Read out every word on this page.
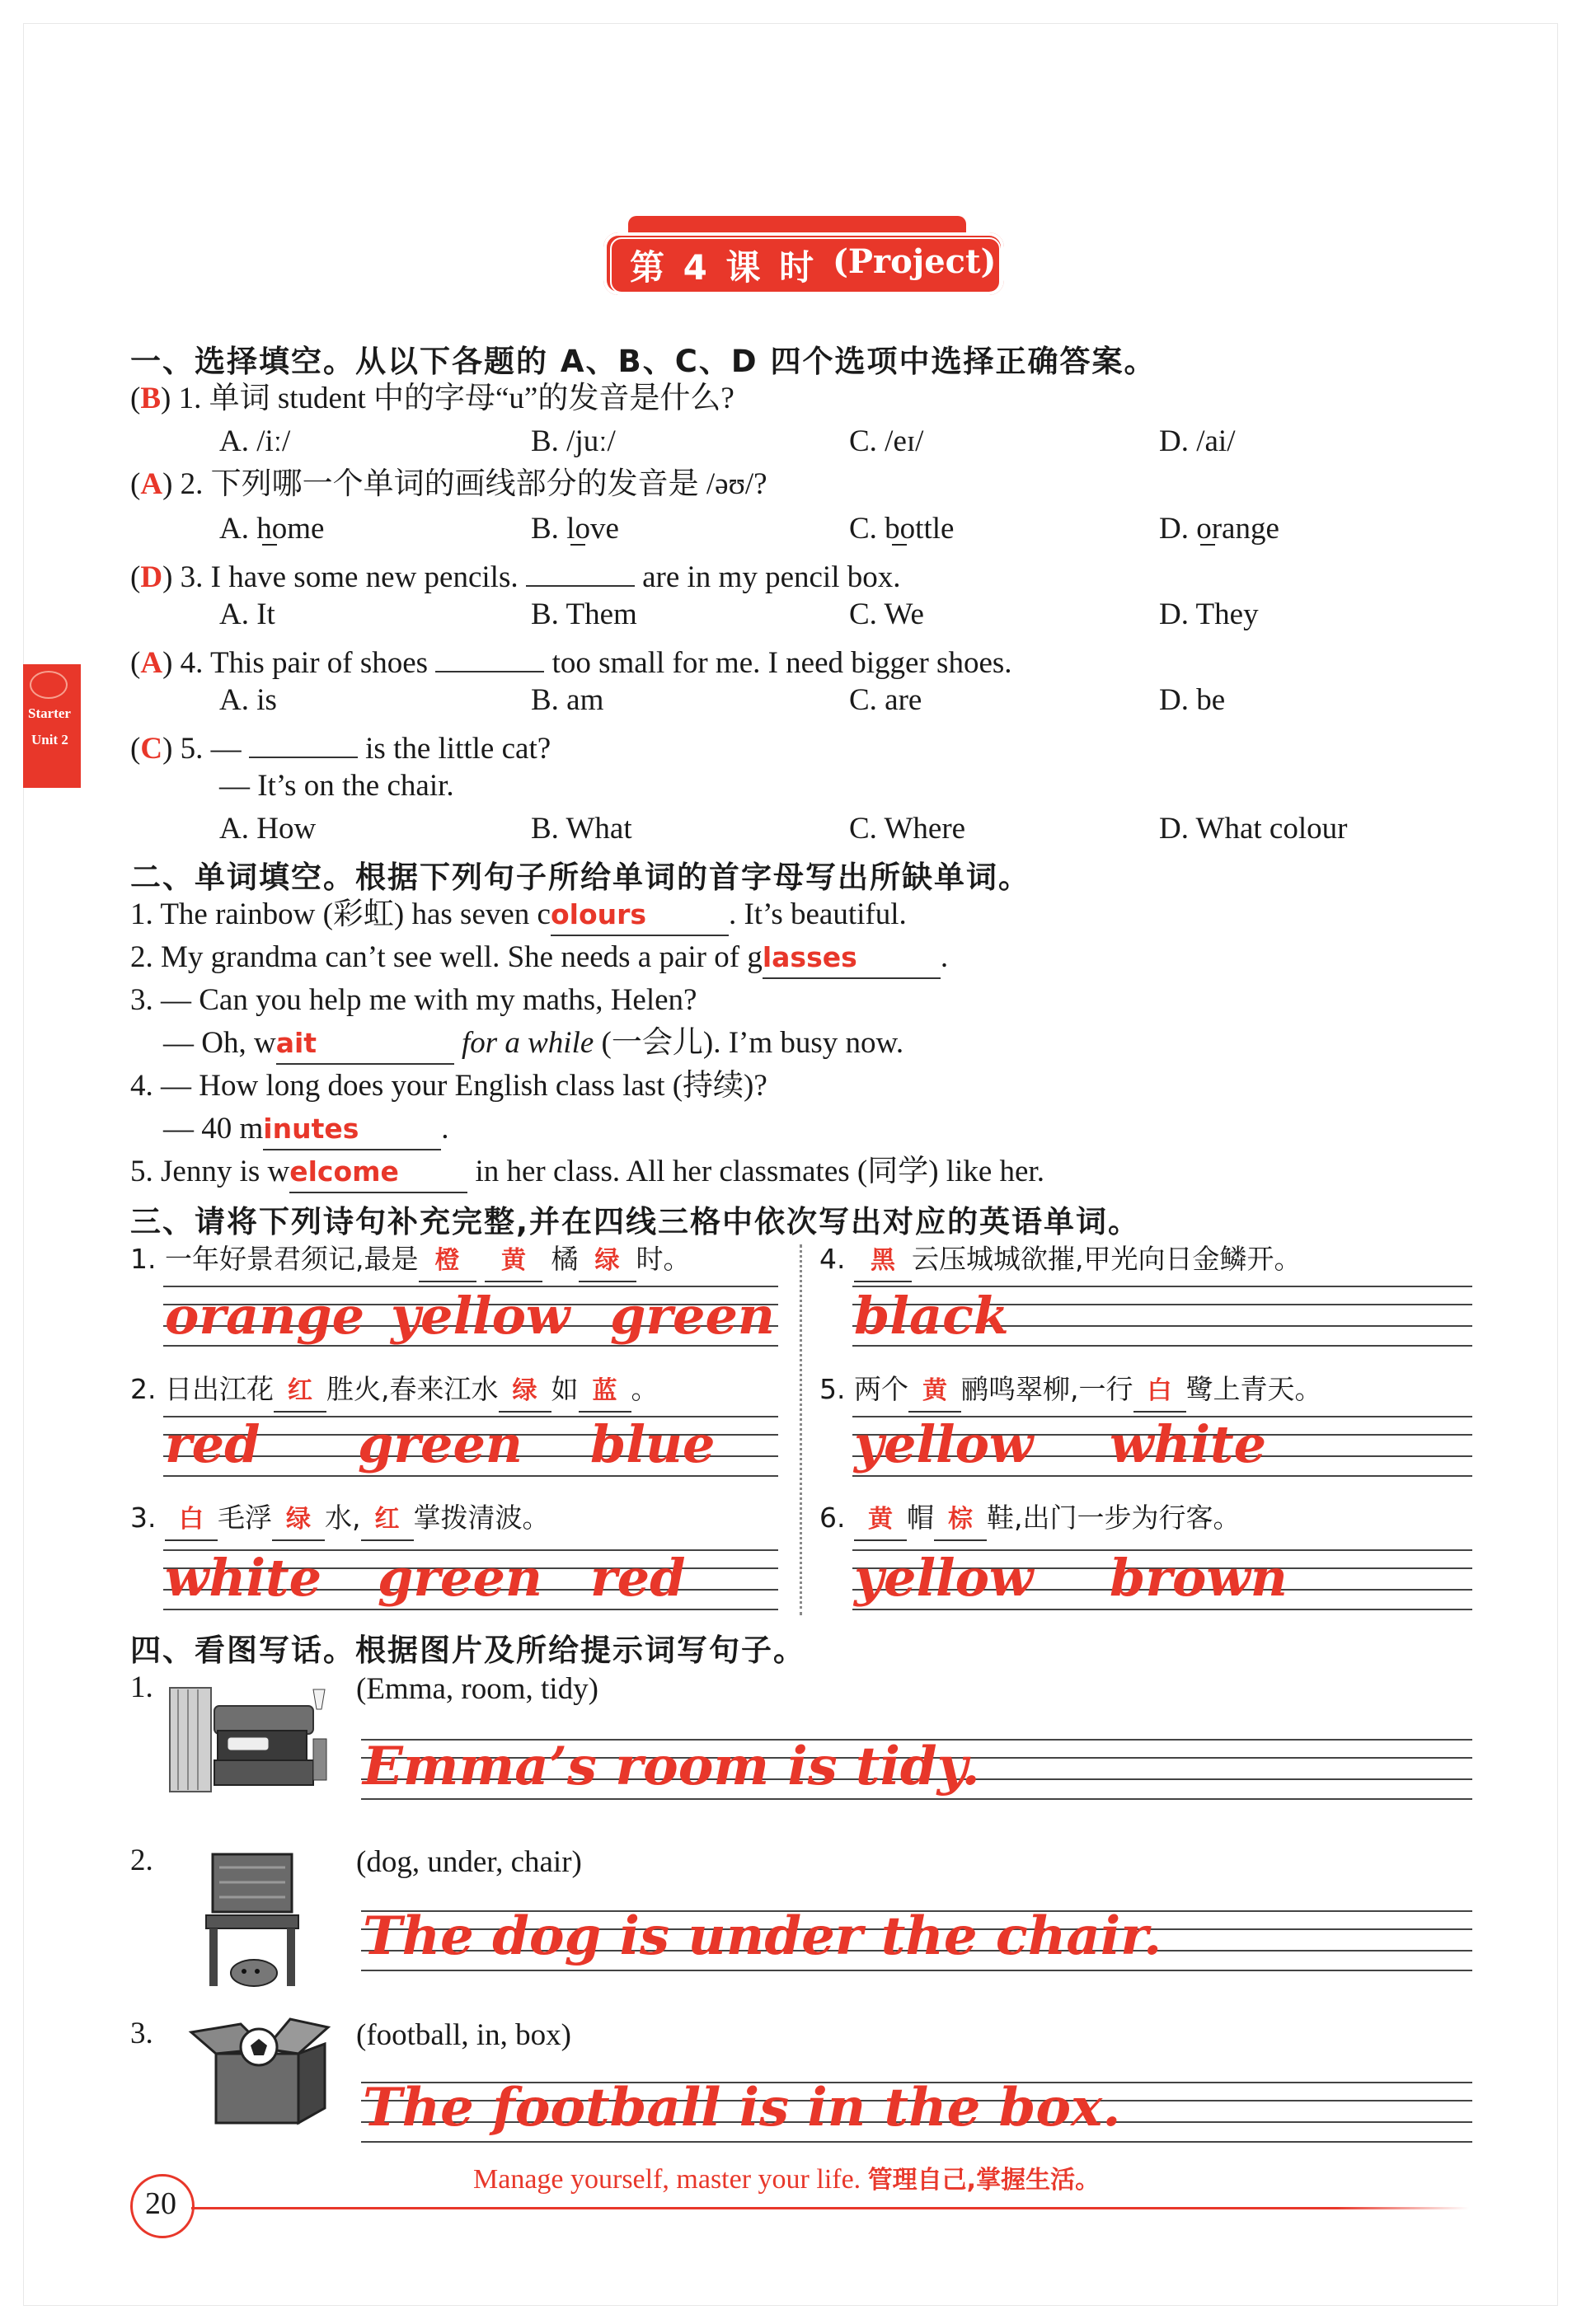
第 4 课 时 (Project)
Starter
Unit 2
一、选择填空。从以下各题的 A、B、C、D 四个选项中选择正确答案。
(B) 1. 单词 student 中的字母“u”的发音是什么?
A. /iː/	B. /juː/	C. /eɪ/	D. /ai/
(A) 2. 下列哪一个单词的画线部分的发音是 /əʊ/?
A. home	B. love	C. bottle	D. orange
(D) 3. I have some new pencils.	are in my pencil box.
A. It	B. Them	C. We	D. They
(A) 4. This pair of shoes	too small for me. I need bigger shoes.
A. is	B. am	C. are	D. be
(C) 5. —	is the little cat?
— It’s on the chair.
A. How	B. What	C. Where	D. What colour
二、单词填空。根据下列句子所给单词的首字母写出所缺单词。
1. The rainbow (彩虹) has seven colours	. It’s beautiful.
2. My grandma can’t see well. She needs a pair of glasses	.
3. — Can you help me with my maths, Helen?
— Oh, wait	for a while (一会儿). I’m busy now.
4. — How long does your English class last (持续)?
— 40 minutes	.
5. Jenny is welcome	in her class. All her classmates (同学) like her.
三、请将下列诗句补充完整,并在四线三格中依次写出对应的英语单词。
1. 一年好景君须记,最是 橙 黄 橘 绿 时。
orange yellow green
2. 日出江花 红 胜火,春来江水 绿 如 蓝 。
red green blue
3. 白 毛浮 绿 水, 红 掌拨清波。
white green red
4. 黑 云压城城欲摧,甲光向日金鳞开。
black
5. 两个 黄 鹂鸣翠柳,一行 白 鹭上青天。
yellow white
6. 黄 帽 棕 鞋,出门一步为行客。
yellow brown
四、看图写话。根据图片及所给提示词写句子。
1.	(Emma, room, tidy)
Emma’s room is tidy.
2.	(dog, under, chair)
The dog is under the chair.
3.	(football, in, box)
The football is in the box.
20
Manage yourself, master your life. 管理自己,掌握生活。
